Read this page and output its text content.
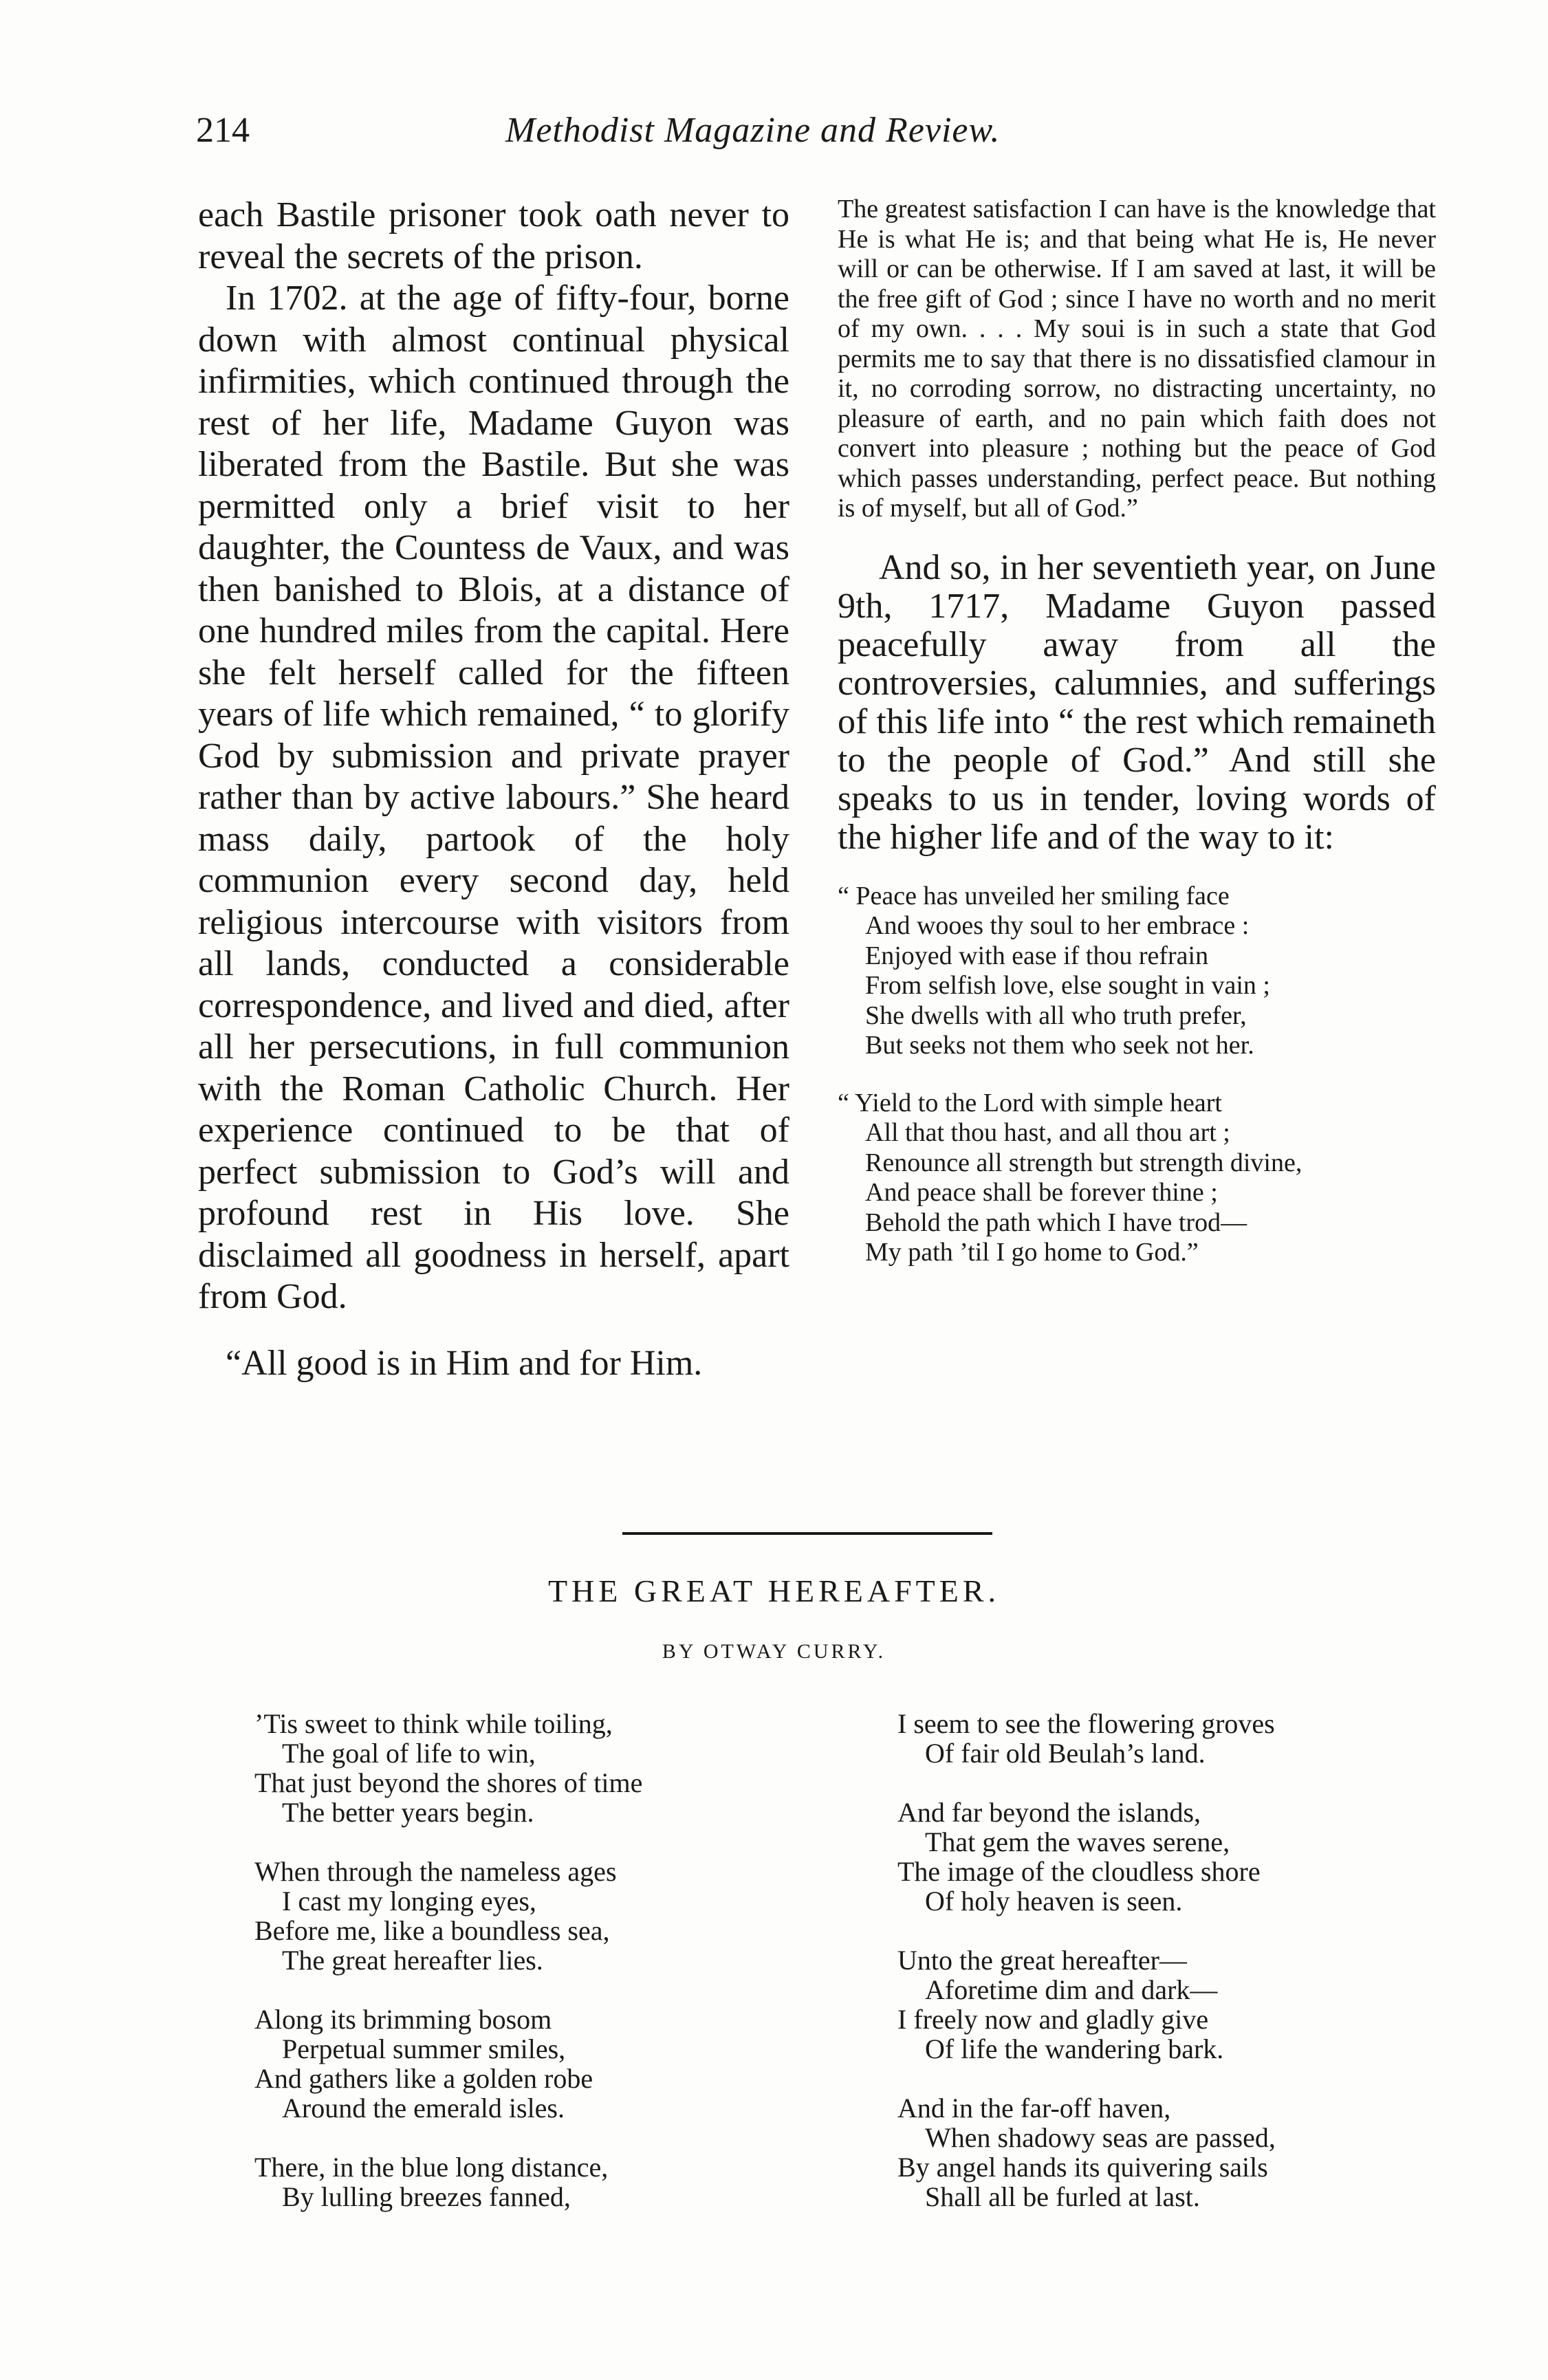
214	Methodist Magazine and Review.

each Bastile prisoner took oath never to reveal the secrets of the prison.

In 1702. at the age of fifty-four, borne down with almost continual physical infirmities, which continued through the rest of her life, Madame Guyon was liberated from the Bastile. But she was permitted only a brief visit to her daughter, the Countess de Vaux, and was then banished to Blois, at a distance of one hundred miles from the capital. Here she felt herself called for the fifteen years of life which remained, “ to glorify God by submission and private prayer rather than by active labours.” She heard mass daily, partook of the holy communion every second day, held religious intercourse with visitors from all lands, conducted a considerable correspondence, and lived and died, after all her persecutions, in full communion with the Roman Catholic Church. Her experience continued to be that of perfect submission to God’s will and profound rest in His love. She disclaimed all goodness in herself, apart from God.

“All good is in Him and for Him.

The greatest satisfaction I can have is the knowledge that He is what He is; and that being what He is, He never will or can be otherwise. If I am saved at last, it will be the free gift of God ; since I have no worth and no merit of my own. . . . My soui is in such a state that God permits me to say that there is no dissatisfied clamour in it, no corroding sorrow, no distracting uncertainty, no pleasure of earth, and no pain which faith does not convert into pleasure ; nothing but the peace of God which passes understanding, perfect peace. But nothing is of myself, but all of God.”

And so, in her seventieth year, on June 9th, 1717, Madame Guyon passed peacefully away from all the controversies, calumnies, and sufferings of this life into “ the rest which remaineth to the people of God.” And still she speaks to us in tender, loving words of the higher life and of the way to it:

“ Peace has unveiled her smiling face
And wooes thy soul to her embrace :
Enjoyed with ease if thou refrain
From selfish love, else sought in vain ;
She dwells with all who truth prefer,
But seeks not them who seek not her.
“ Yield to the Lord with simple heart
All that thou hast, and all thou art ;
Renounce all strength but strength divine,
And peace shall be forever thine ;
Behold the path which I have trod—
My path ’til I go home to God.”
THE GREAT HEREAFTER.
BY OTWAY CURRY.
’Tis sweet to think while toiling,
The goal of life to win,
That just beyond the shores of time
The better years begin.
When through the nameless ages
I cast my longing eyes,
Before me, like a boundless sea,
The great hereafter lies.
Along its brimming bosom
Perpetual summer smiles,
And gathers like a golden robe
Around the emerald isles.
There, in the blue long distance,
By lulling breezes fanned,
I seem to see the flowering groves
Of fair old Beulah’s land.
And far beyond the islands,
That gem the waves serene,
The image of the cloudless shore
Of holy heaven is seen.
Unto the great hereafter—
Aforetime dim and dark—
I freely now and gladly give
Of life the wandering bark.
And in the far-off haven,
When shadowy seas are passed,
By angel hands its quivering sails
Shall all be furled at last.
